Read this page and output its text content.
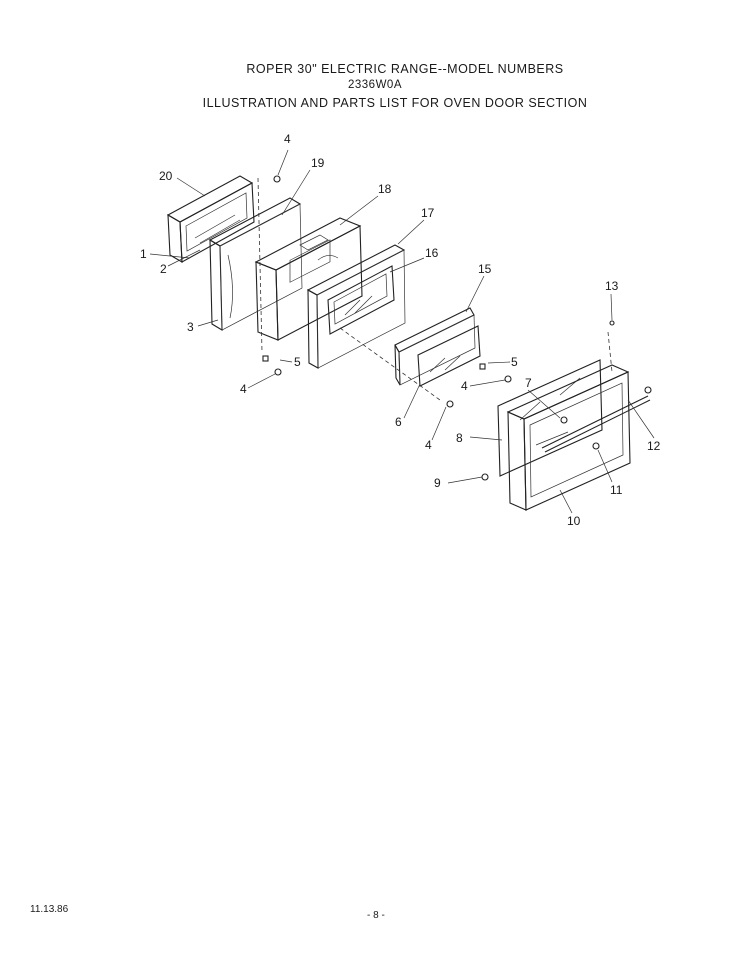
ROPER 30" ELECTRIC RANGE--MODEL NUMBERS
2336W0A
ILLUSTRATION AND PARTS LIST FOR OVEN DOOR SECTION
20
19
4
18
17
16
1
2
3
5
4
15
13
5
4	7
6
4 8
12
9	11
10
11.13.86
- 8 -
